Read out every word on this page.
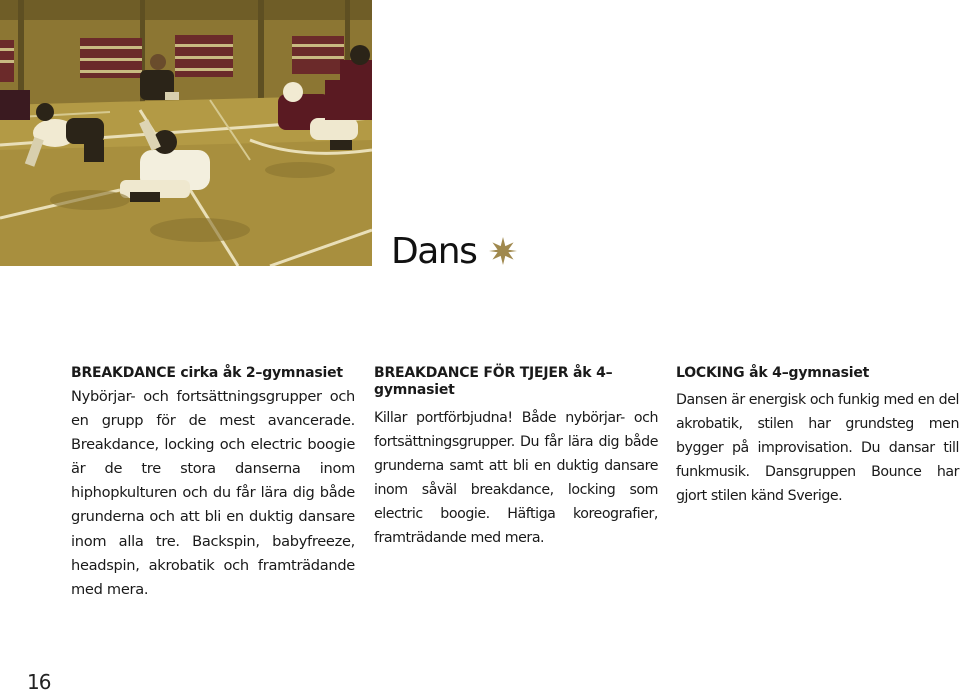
Dans
BREAKDANCE cirka åk 2–gymnasiet

Nybörjar- och fortsättningsgrupper och en grupp för de mest avancerade. Breakdance, locking och electric boogie är de tre stora danserna inom hiphopkulturen och du får lära dig både grunderna och att bli en duktig dansare inom alla tre. Backspin, babyfreeze, headspin, akrobatik och framträdande med mera.

BREAKDANCE FÖR TJEJER åk 4–gymnasiet

Killar portförbjudna! Både nybörjar- och fortsättningsgrupper. Du får lära dig både grunderna samt att bli en duktig dansare inom såväl breakdance, locking som electric boogie. Häftiga koreografier, framträdande med mera.

LOCKING åk 4–gymnasiet

Dansen är energisk och funkig med en del akrobatik, stilen har grundsteg men bygger på improvisation. Du dansar till funkmusik. Dansgruppen Bounce har gjort stilen känd Sverige.

16
